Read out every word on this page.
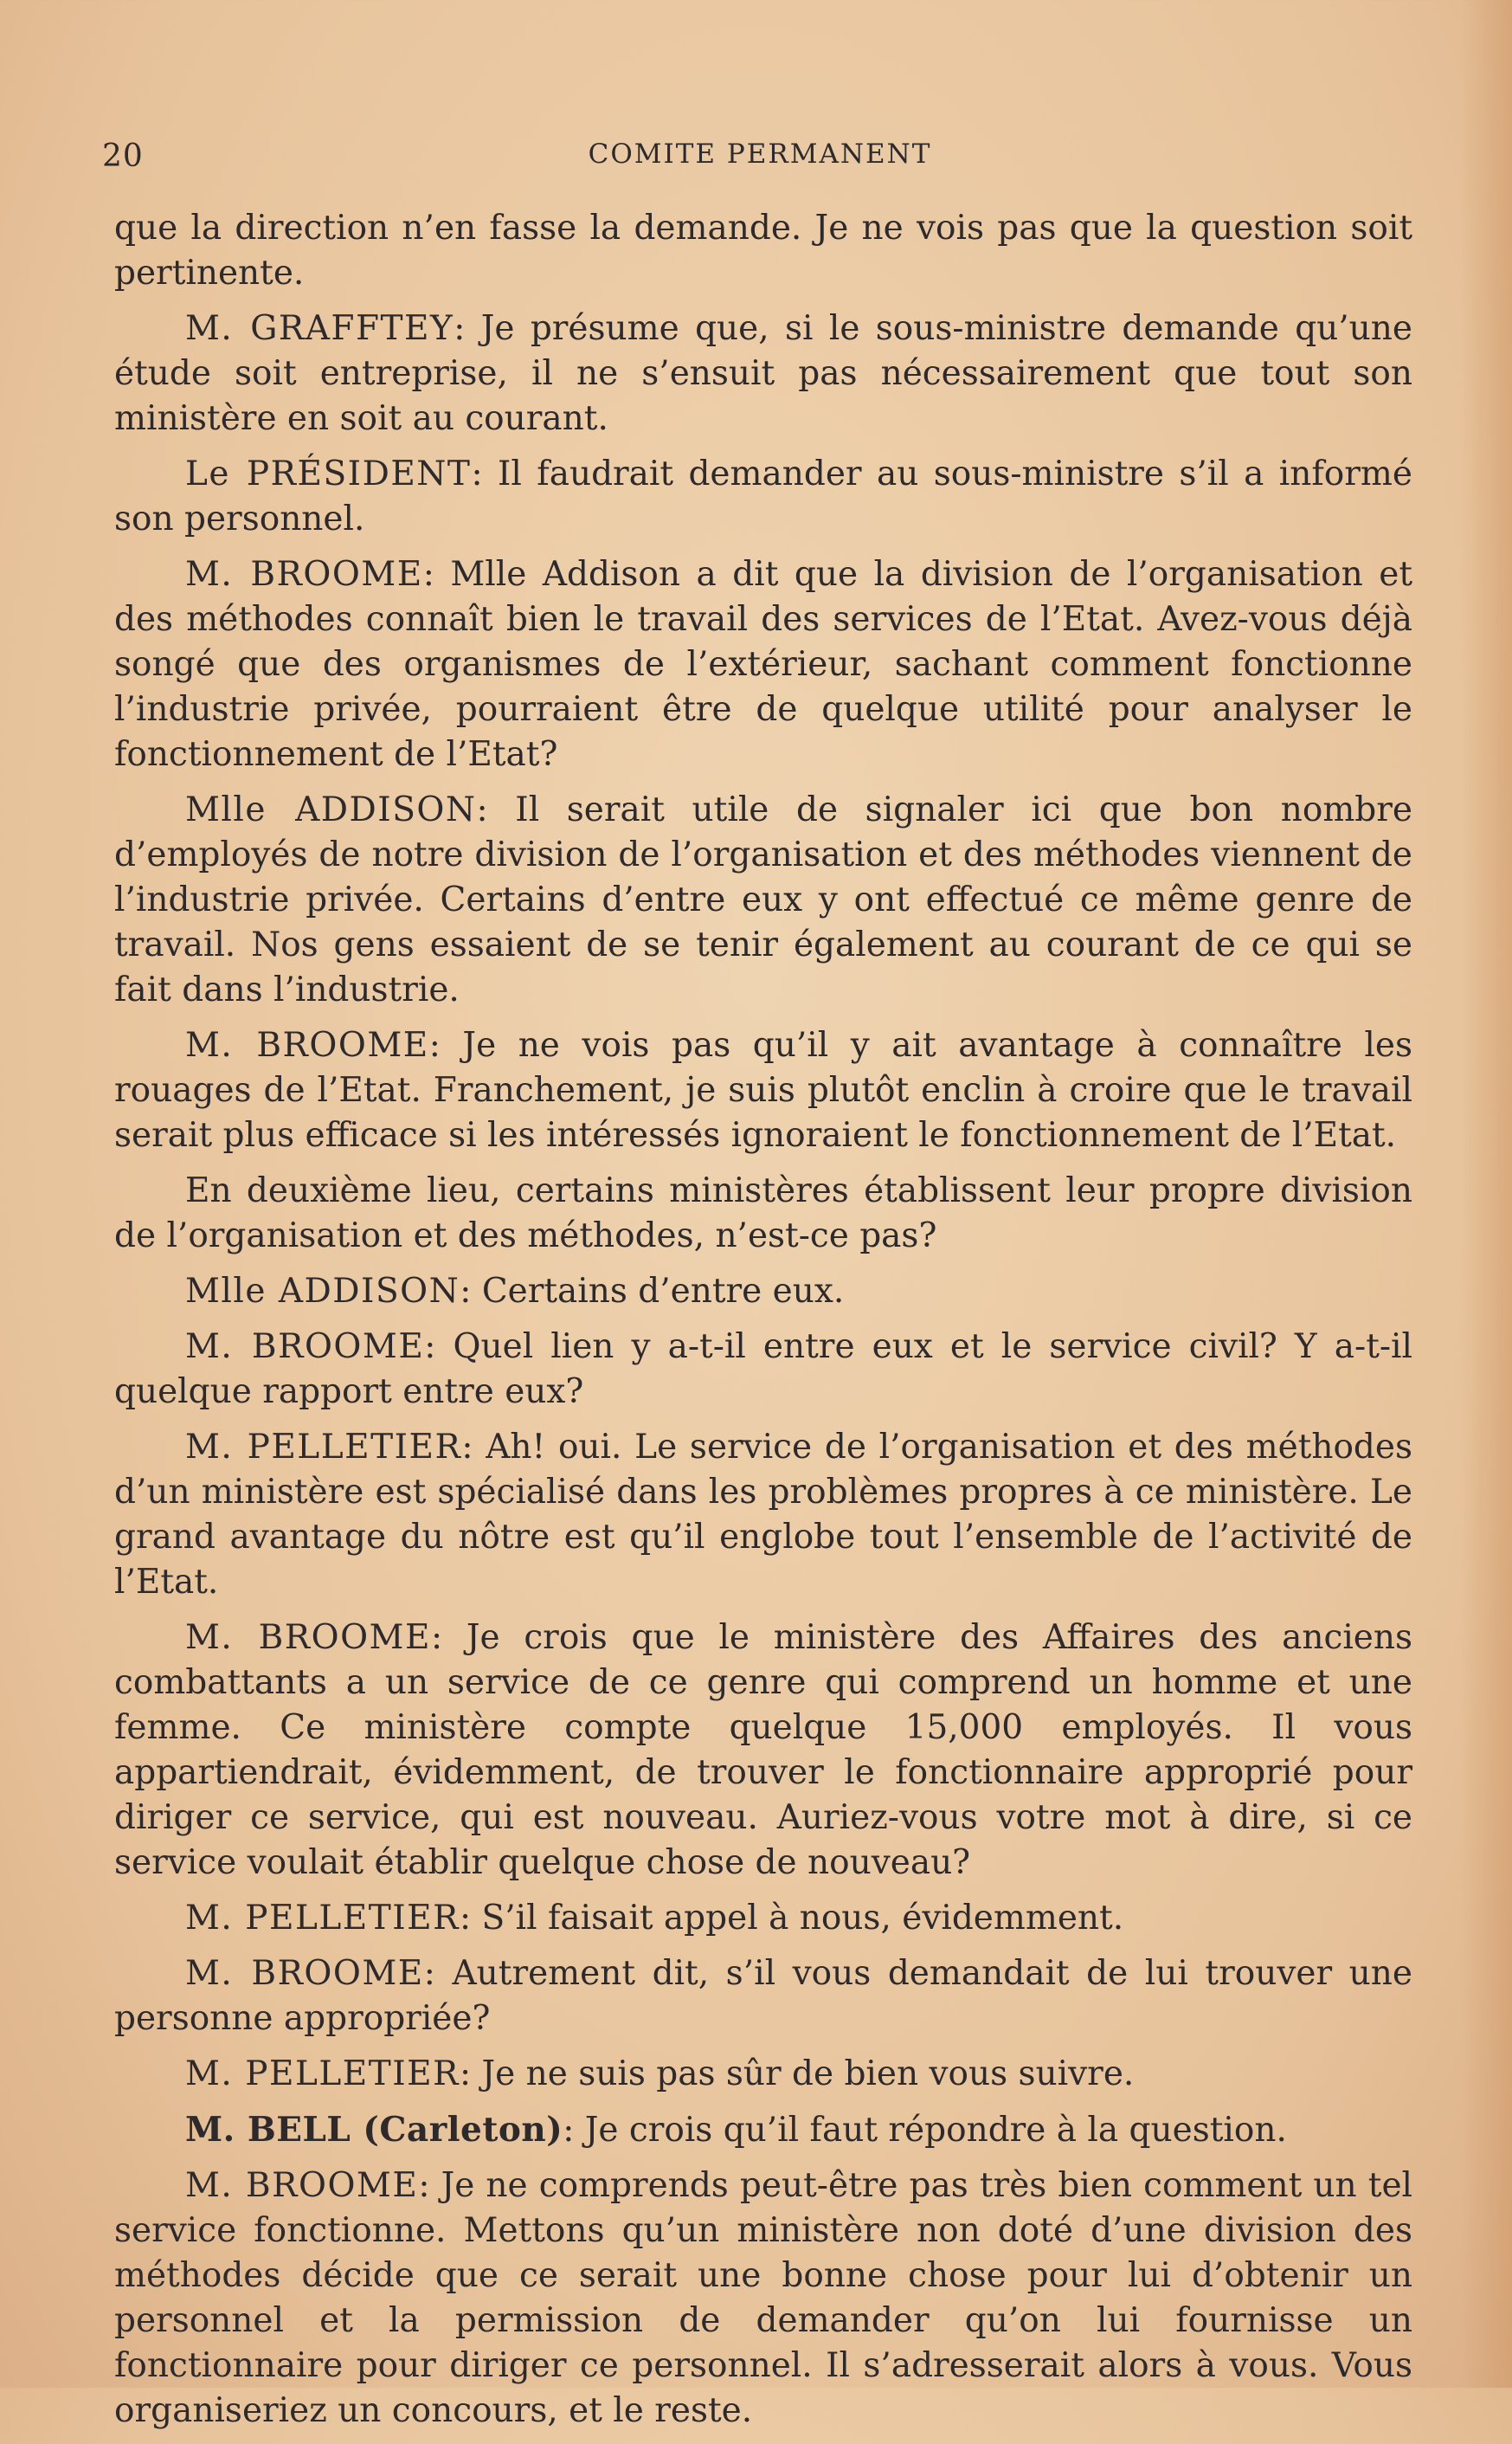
20	COMITE PERMANENT

que la direction n’en fasse la demande. Je ne vois pas que la question soit pertinente.

M. GRAFFTEY: Je présume que, si le sous-ministre demande qu’une étude soit entreprise, il ne s’ensuit pas nécessairement que tout son ministère en soit au courant.

Le PRÉSIDENT: Il faudrait demander au sous-ministre s’il a informé son personnel.

M. BROOME: Mlle Addison a dit que la division de l’organisation et des méthodes connaît bien le travail des services de l’Etat. Avez-vous déjà songé que des organismes de l’extérieur, sachant comment fonctionne l’industrie privée, pourraient être de quelque utilité pour analyser le fonctionnement de l’Etat?

Mlle ADDISON: Il serait utile de signaler ici que bon nombre d’employés de notre division de l’organisation et des méthodes viennent de l’industrie privée. Certains d’entre eux y ont effectué ce même genre de travail. Nos gens essaient de se tenir également au courant de ce qui se fait dans l’industrie.

M. BROOME: Je ne vois pas qu’il y ait avantage à connaître les rouages de l’Etat. Franchement, je suis plutôt enclin à croire que le travail serait plus efficace si les intéressés ignoraient le fonctionnement de l’Etat.

En deuxième lieu, certains ministères établissent leur propre division de l’organisation et des méthodes, n’est-ce pas?

Mlle ADDISON: Certains d’entre eux.

M. BROOME: Quel lien y a-t-il entre eux et le service civil? Y a-t-il quelque rapport entre eux?

M. PELLETIER: Ah! oui. Le service de l’organisation et des méthodes d’un ministère est spécialisé dans les problèmes propres à ce ministère. Le grand avantage du nôtre est qu’il englobe tout l’ensemble de l’activité de l’Etat.

M. BROOME: Je crois que le ministère des Affaires des anciens combattants a un service de ce genre qui comprend un homme et une femme. Ce ministère compte quelque 15,000 employés. Il vous appartiendrait, évidemment, de trouver le fonctionnaire approprié pour diriger ce service, qui est nouveau. Auriez-vous votre mot à dire, si ce service voulait établir quelque chose de nouveau?

M. PELLETIER: S’il faisait appel à nous, évidemment.

M. BROOME: Autrement dit, s’il vous demandait de lui trouver une personne appropriée?

M. PELLETIER: Je ne suis pas sûr de bien vous suivre.

M. BELL (Carleton): Je crois qu’il faut répondre à la question.

M. BROOME: Je ne comprends peut-être pas très bien comment un tel service fonctionne. Mettons qu’un ministère non doté d’une division des méthodes décide que ce serait une bonne chose pour lui d’obtenir un personnel et la permission de demander qu’on lui fournisse un fonctionnaire pour diriger ce personnel. Il s’adresserait alors à vous. Vous organiseriez un concours, et le reste.
